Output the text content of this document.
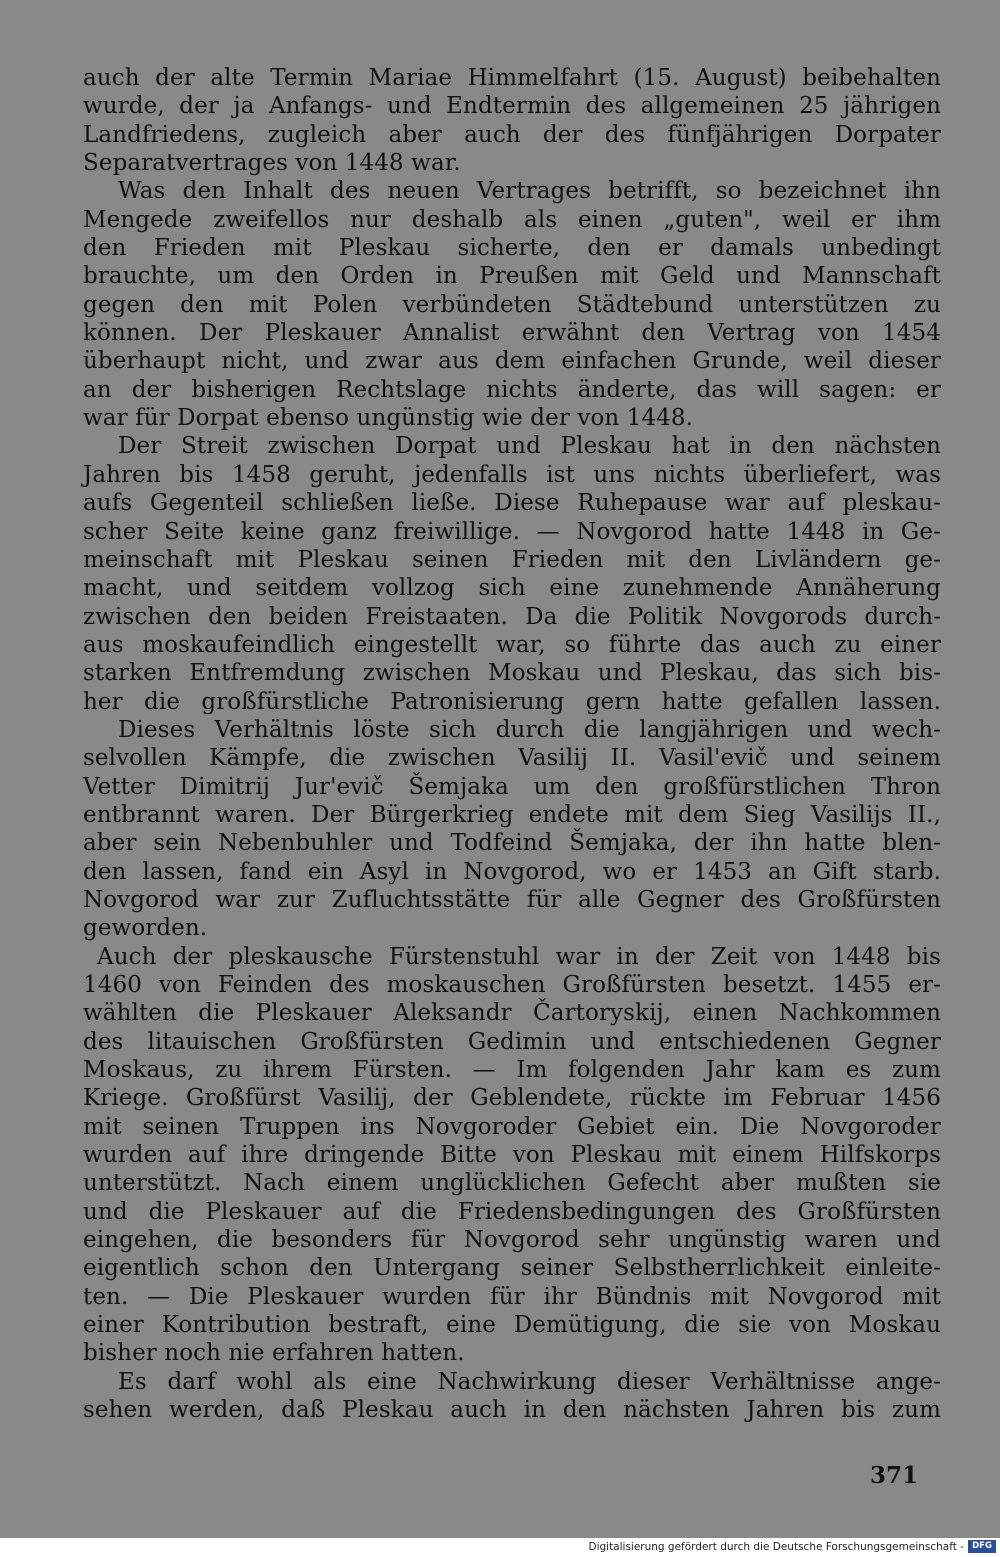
auch der alte Termin Mariae Himmelfahrt (15. August) beibehalten
wurde, der ja Anfangs- und Endtermin des allgemeinen 25 jährigen
Landfriedens, zugleich aber auch der des fünfjährigen Dorpater
Separatvertrages von 1448 war.
Was den Inhalt des neuen Vertrages betrifft, so bezeichnet ihn
Mengede zweifellos nur deshalb als einen „guten", weil er ihm
den Frieden mit Pleskau sicherte, den er damals unbedingt
brauchte, um den Orden in Preußen mit Geld und Mannschaft
gegen den mit Polen verbündeten Städtebund unterstützen zu
können. Der Pleskauer Annalist erwähnt den Vertrag von 1454
überhaupt nicht, und zwar aus dem einfachen Grunde, weil dieser
an der bisherigen Rechtslage nichts änderte, das will sagen: er
war für Dorpat ebenso ungünstig wie der von 1448.
Der Streit zwischen Dorpat und Pleskau hat in den nächsten
Jahren bis 1458 geruht, jedenfalls ist uns nichts überliefert, was
aufs Gegenteil schließen ließe. Diese Ruhepause war auf pleskau-
scher Seite keine ganz freiwillige. — Novgorod hatte 1448 in Ge-
meinschaft mit Pleskau seinen Frieden mit den Livländern ge-
macht, und seitdem vollzog sich eine zunehmende Annäherung
zwischen den beiden Freistaaten. Da die Politik Novgorods durch-
aus moskaufeindlich eingestellt war, so führte das auch zu einer
starken Entfremdung zwischen Moskau und Pleskau, das sich bis-
her die großfürstliche Patronisierung gern hatte gefallen lassen.
Dieses Verhältnis löste sich durch die langjährigen und wech-
selvollen Kämpfe, die zwischen Vasilij II. Vasil'evič und seinem
Vetter Dimitrij Jur'evič Šemjaka um den großfürstlichen Thron
entbrannt waren. Der Bürgerkrieg endete mit dem Sieg Vasilijs II.,
aber sein Nebenbuhler und Todfeind Šemjaka, der ihn hatte blen-
den lassen, fand ein Asyl in Novgorod, wo er 1453 an Gift starb.
Novgorod war zur Zufluchtsstätte für alle Gegner des Großfürsten
geworden.
Auch der pleskausche Fürstenstuhl war in der Zeit von 1448 bis
1460 von Feinden des moskauschen Großfürsten besetzt. 1455 er-
wählten die Pleskauer Aleksandr Čartoryskij, einen Nachkommen
des litauischen Großfürsten Gedimin und entschiedenen Gegner
Moskaus, zu ihrem Fürsten. — Im folgenden Jahr kam es zum
Kriege. Großfürst Vasilij, der Geblendete, rückte im Februar 1456
mit seinen Truppen ins Novgoroder Gebiet ein. Die Novgoroder
wurden auf ihre dringende Bitte von Pleskau mit einem Hilfskorps
unterstützt. Nach einem unglücklichen Gefecht aber mußten sie
und die Pleskauer auf die Friedensbedingungen des Großfürsten
eingehen, die besonders für Novgorod sehr ungünstig waren und
eigentlich schon den Untergang seiner Selbstherrlichkeit einleite-
ten. — Die Pleskauer wurden für ihr Bündnis mit Novgorod mit
einer Kontribution bestraft, eine Demütigung, die sie von Moskau
bisher noch nie erfahren hatten.
Es darf wohl als eine Nachwirkung dieser Verhältnisse ange-
sehen werden, daß Pleskau auch in den nächsten Jahren bis zum
371
Digitalisierung gefördert durch die Deutsche Forschungsgemeinschaft - DFG
